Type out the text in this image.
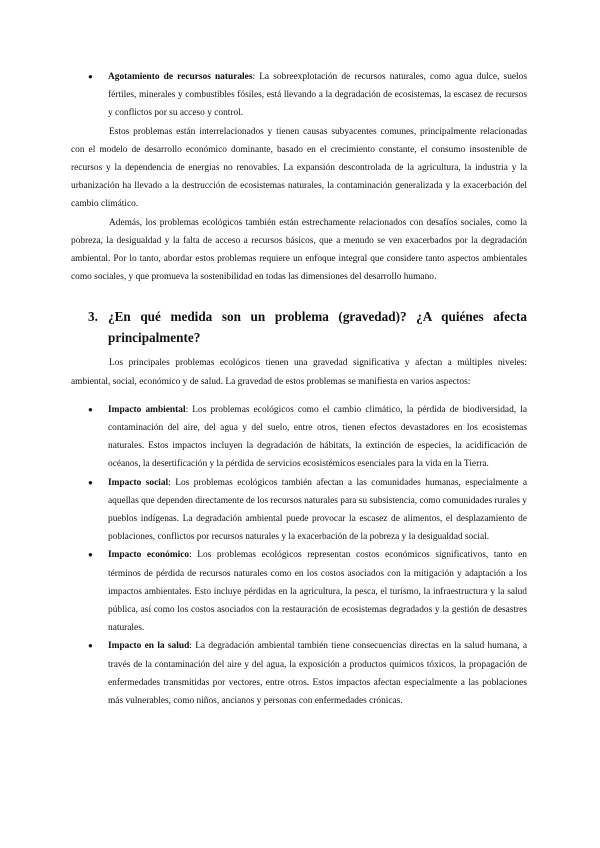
● Agotamiento de recursos naturales: La sobreexplotación de recursos naturales, como agua dulce, suelos fértiles, minerales y combustibles fósiles, está llevando a la degradación de ecosistemas, la escasez de recursos y conflictos por su acceso y control.

Estos problemas están interrelacionados y tienen causas subyacentes comunes, principalmente relacionadas con el modelo de desarrollo económico dominante, basado en el crecimiento constante, el consumo insostenible de recursos y la dependencia de energías no renovables. La expansión descontrolada de la agricultura, la industria y la urbanización ha llevado a la destrucción de ecosistemas naturales, la contaminación generalizada y la exacerbación del cambio climático.

Además, los problemas ecológicos también están estrechamente relacionados con desafíos sociales, como la pobreza, la desigualdad y la falta de acceso a recursos básicos, que a menudo se ven exacerbados por la degradación ambiental. Por lo tanto, abordar estos problemas requiere un enfoque integral que considere tanto aspectos ambientales como sociales, y que promueva la sostenibilidad en todas las dimensiones del desarrollo humano.

3. ¿En qué medida son un problema (gravedad)? ¿A quiénes afecta principalmente?

Los principales problemas ecológicos tienen una gravedad significativa y afectan a múltiples niveles: ambiental, social, económico y de salud. La gravedad de estos problemas se manifiesta en varios aspectos:

● Impacto ambiental: Los problemas ecológicos como el cambio climático, la pérdida de biodiversidad, la contaminación del aire, del agua y del suelo, entre otros, tienen efectos devastadores en los ecosistemas naturales. Estos impactos incluyen la degradación de hábitats, la extinción de especies, la acidificación de océanos, la desertificación y la pérdida de servicios ecosistémicos esenciales para la vida en la Tierra.
● Impacto social: Los problemas ecológicos también afectan a las comunidades humanas, especialmente a aquellas que dependen directamente de los recursos naturales para su subsistencia, como comunidades rurales y pueblos indígenas. La degradación ambiental puede provocar la escasez de alimentos, el desplazamiento de poblaciones, conflictos por recursos naturales y la exacerbación de la pobreza y la desigualdad social.
● Impacto económico: Los problemas ecológicos representan costos económicos significativos, tanto en términos de pérdida de recursos naturales como en los costos asociados con la mitigación y adaptación a los impactos ambientales. Esto incluye pérdidas en la agricultura, la pesca, el turismo, la infraestructura y la salud pública, así como los costos asociados con la restauración de ecosistemas degradados y la gestión de desastres naturales.
● Impacto en la salud: La degradación ambiental también tiene consecuencias directas en la salud humana, a través de la contaminación del aire y del agua, la exposición a productos químicos tóxicos, la propagación de enfermedades transmitidas por vectores, entre otros. Estos impactos afectan especialmente a las poblaciones más vulnerables, como niños, ancianos y personas con enfermedades crónicas.
